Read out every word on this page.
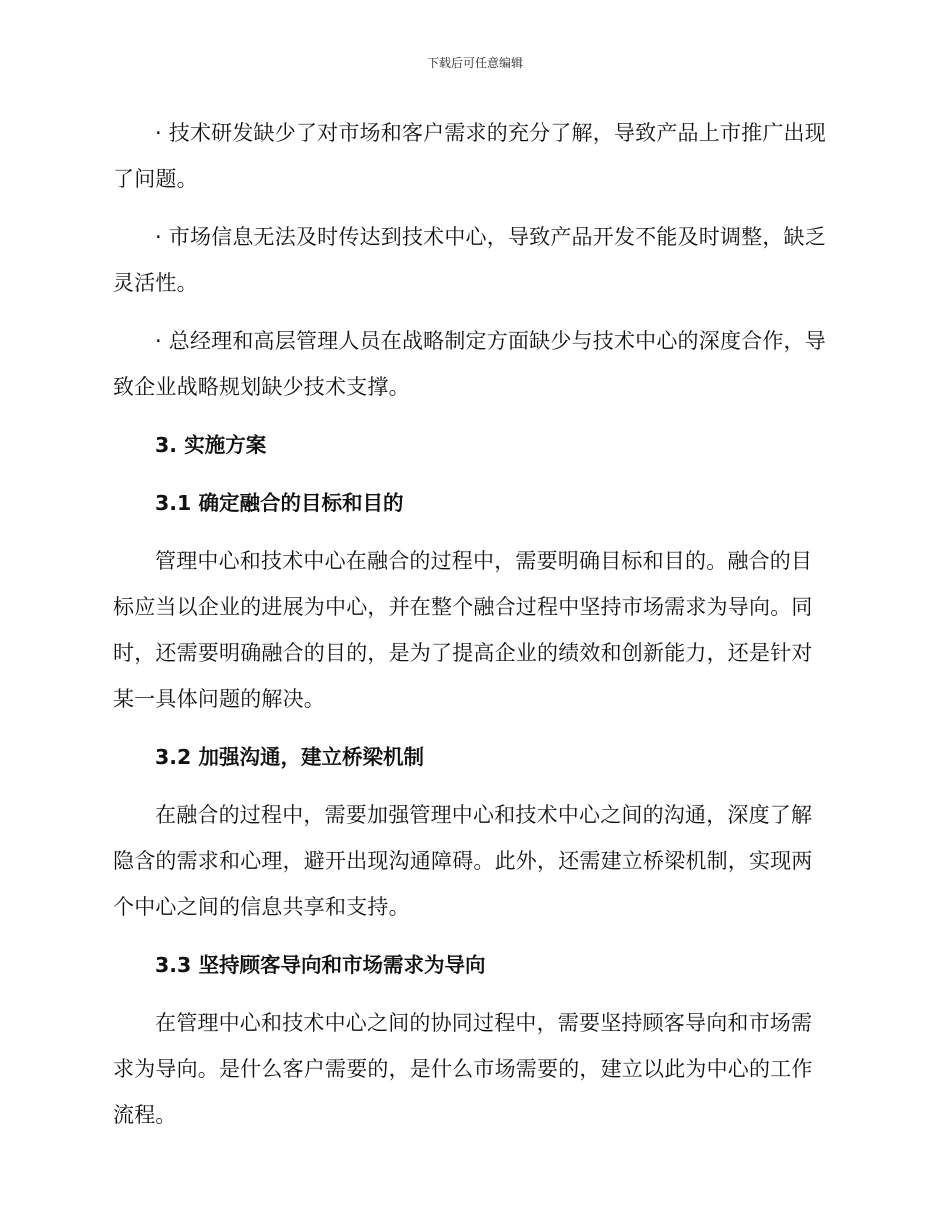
下载后可任意编辑

· 技术研发缺少了对市场和客户需求的充分了解，导致产品上市推广出现了问题。

· 市场信息无法及时传达到技术中心，导致产品开发不能及时调整，缺乏灵活性。

· 总经理和高层管理人员在战略制定方面缺少与技术中心的深度合作，导致企业战略规划缺少技术支撑。

3. 实施方案
3.1 确定融合的目标和目的

管理中心和技术中心在融合的过程中，需要明确目标和目的。融合的目标应当以企业的进展为中心，并在整个融合过程中坚持市场需求为导向。同时，还需要明确融合的目的，是为了提高企业的绩效和创新能力，还是针对某一具体问题的解决。

3.2 加强沟通，建立桥梁机制

在融合的过程中，需要加强管理中心和技术中心之间的沟通，深度了解隐含的需求和心理，避开出现沟通障碍。此外，还需建立桥梁机制，实现两个中心之间的信息共享和支持。

3.3 坚持顾客导向和市场需求为导向

在管理中心和技术中心之间的协同过程中，需要坚持顾客导向和市场需求为导向。是什么客户需要的，是什么市场需要的，建立以此为中心的工作流程。
